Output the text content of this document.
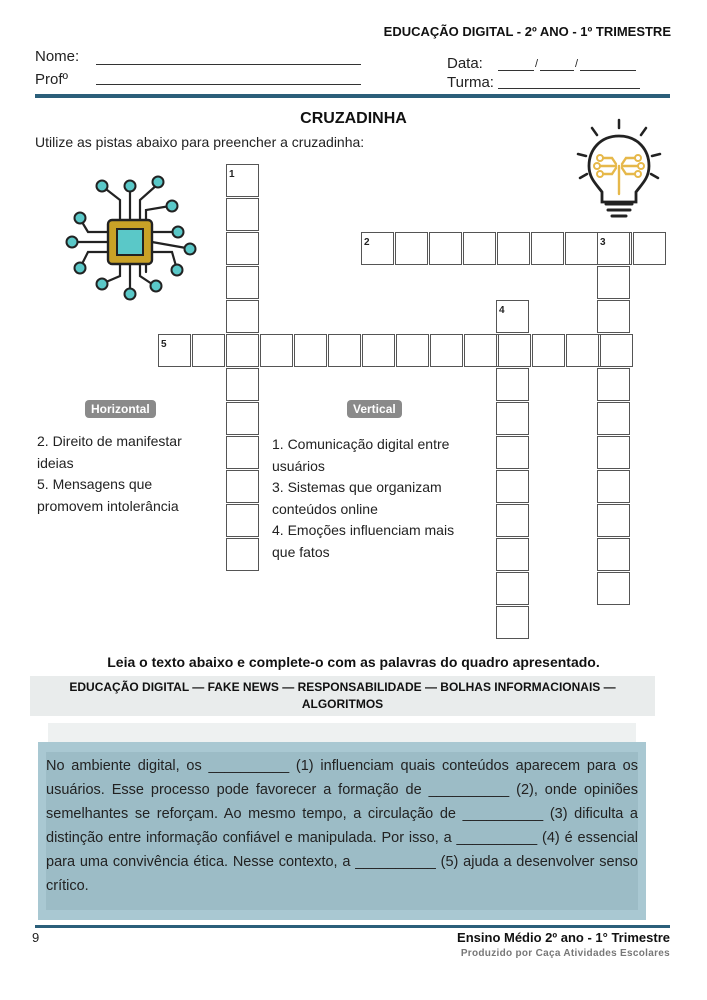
EDUCAÇÃO DIGITAL - 2º ANO - 1º TRIMESTRE
Nome:
Profº
Data:	/	/
Turma:
CRUZADINHA
Utilize as pistas abaixo para preencher a cruzadinha:
1
2	3
4
5
Horizontal	Vertical
2. Direito de manifestar
ideias
5. Mensagens que
promovem intolerância
1. Comunicação digital entre
usuários
3. Sistemas que organizam
conteúdos online
4. Emoções influenciam mais
que fatos
Leia o texto abaixo e complete-o com as palavras do quadro apresentado.
EDUCAÇÃO DIGITAL — FAKE NEWS — RESPONSABILIDADE — BOLHAS INFORMACIONAIS —
ALGORITMOS
No ambiente digital, os __________ (1) influenciam quais conteúdos aparecem para os usuários. Esse processo pode favorecer a formação de __________ (2), onde opiniões semelhantes se reforçam. Ao mesmo tempo, a circulação de __________ (3) dificulta a distinção entre informação confiável e manipulada. Por isso, a __________ (4) é essencial para uma convivência ética. Nesse contexto, a __________ (5) ajuda a desenvolver senso crítico.
9	Ensino Médio 2º ano - 1° Trimestre
Produzido por Caça Atividades Escolares
